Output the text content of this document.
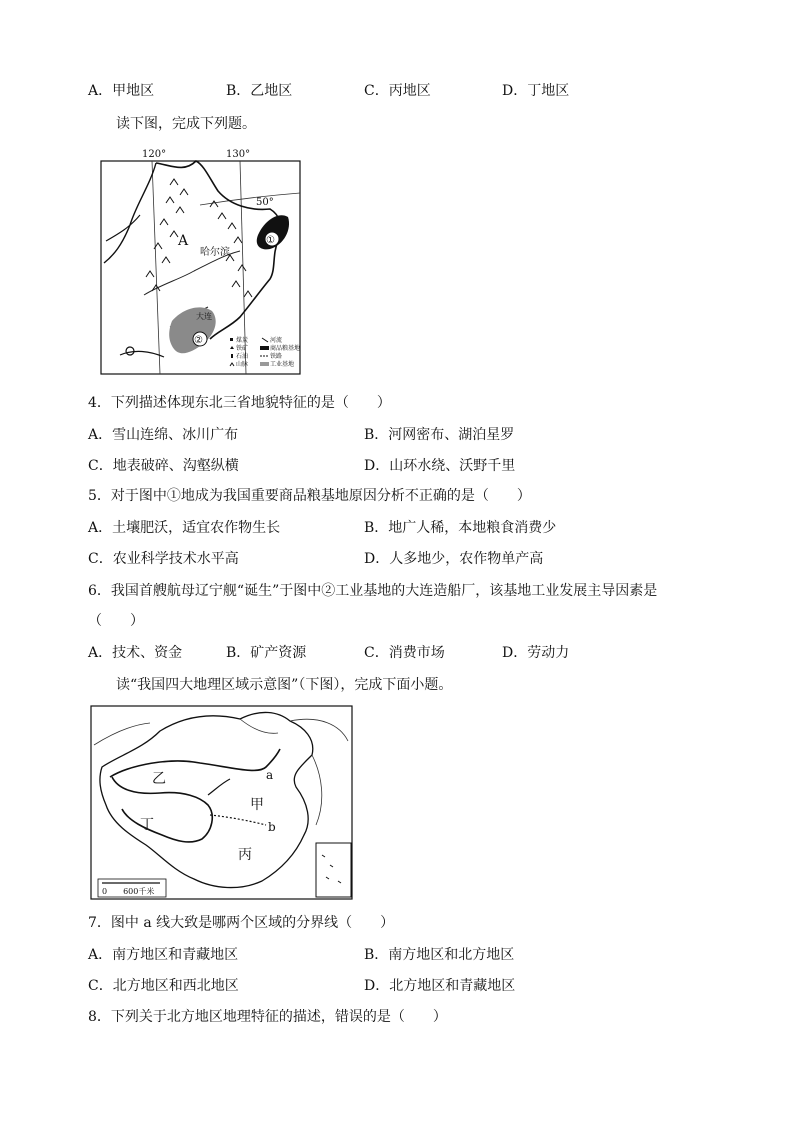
A．甲地区	B．乙地区	C．丙地区	D．丁地区
读下图，完成下列题。
120°	130°
50°
①
②
大连
A
哈尔滨
煤炭	河流
铁矿	商品粮基地
石油	铁路
山脉	工业基地
4．下列描述体现东北三省地貌特征的是（　　）
A．雪山连绵、冰川广布	B．河网密布、湖泊星罗
C．地表破碎、沟壑纵横	D．山环水绕、沃野千里
5．对于图中①地成为我国重要商品粮基地原因分析不正确的是（　　）
A．土壤肥沃，适宜农作物生长	B．地广人稀，本地粮食消费少
C．农业科学技术水平高	D．人多地少，农作物单产高
6．我国首艘航母辽宁舰“诞生”于图中②工业基地的大连造船厂，该基地工业发展主导因素是
（　　）
A．技术、资金	B．矿产资源	C．消费市场	D．劳动力
读“我国四大地理区域示意图”（下图），完成下面小题。
乙
丁
甲
丙
a
b
0　　600千米
7．图中 a 线大致是哪两个区域的分界线（　　）
A．南方地区和青藏地区	B．南方地区和北方地区
C．北方地区和西北地区	D．北方地区和青藏地区
8．下列关于北方地区地理特征的描述，错误的是（　　）
